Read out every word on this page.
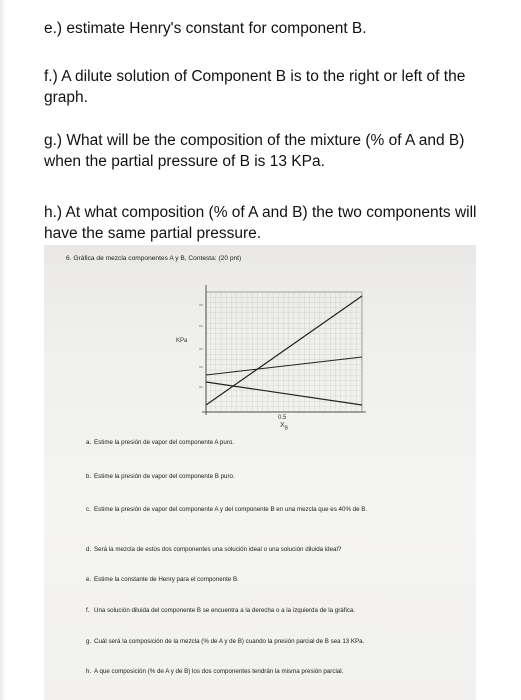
e.) estimate Henry's constant for component B.

f.) A dilute solution of Component B is to the right or left of the graph.

g.) What will be the composition of the mixture (% of A and B) when the partial pressure of B is 13 KPa.

h.) At what composition (% of A and B) the two components will have the same partial pressure.

6. Gráfica de mezcla componentes A y B, Contesta: (20 pnt)
KPa
0.5
$X_B$
a. Estime la presión de vapor del componente A puro.
b. Estime la presión de vapor del componente B puro.
c. Estime la presión de vapor del componente A y del componente B en una mezcla que es 40% de B.
d. Será la mezcla de estos dos componentes una solución ideal o una solución diluida ideal?
e. Estime la constante de Henry para el componente B.
f. Una solución diluida del componente B se encuentra a la derecha o a la izquierda de la gráfica.
g. Cuál será la composición de la mezcla (% de A y de B) cuando la presión parcial de B sea 13 KPa.
h. A que composición (% de A y de B) los dos componentes tendrán la misma presión parcial.
